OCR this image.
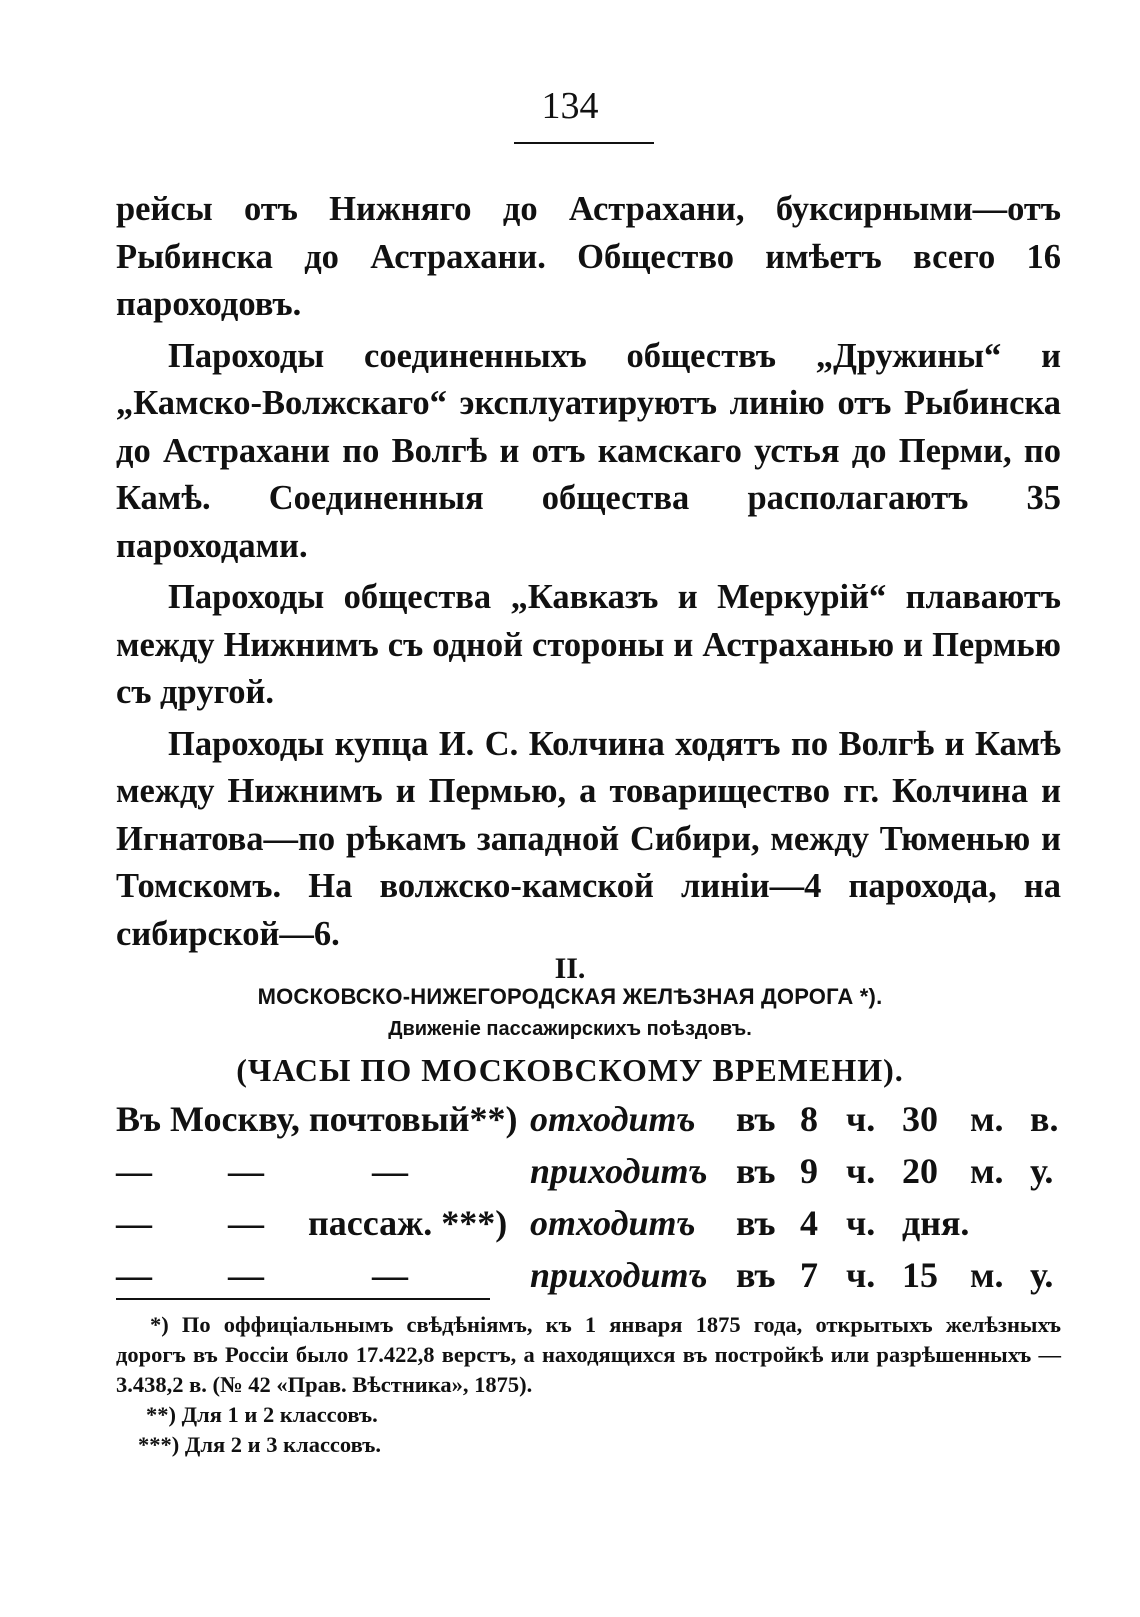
134

рейсы отъ Нижняго до Астрахани, буксирными—отъ Рыбинска до Астрахани. Общество имѣетъ всего 16 пароходовъ.

Пароходы соединенныхъ обществъ „Дружины“ и „Камско-Волжскаго“ эксплуатируютъ линію отъ Рыбинска до Астрахани по Волгѣ и отъ камскаго устья до Перми, по Камѣ. Соединенныя общества располагаютъ 35 пароходами.

Пароходы общества „Кавказъ и Меркурій“ плаваютъ между Нижнимъ съ одной стороны и Астраханью и Пермью съ другой.

Пароходы купца И. С. Колчина ходятъ по Волгѣ и Камѣ между Нижнимъ и Пермью, а товарищество гг. Колчина и Игнатова—по рѣкамъ западной Сибири, между Тюменью и Томскомъ. На волжско-камской линіи—4 парохода, на сибирской—6.

II.
МОСКОВСКО-НИЖЕГОРОДСКАЯ ЖЕЛѢЗНАЯ ДОРОГА *).
Движеніе пассажирскихъ поѣздовъ.
(ЧАСЫ ПО МОСКОВСКОМУ ВРЕМЕНИ).
Въ Москву, почтовый**) отходитъ въ 8 ч. 30 м. в.
— —	—	приходитъ въ 9 ч. 20 м. у.
— — пассаж. ***) отходитъ въ 4 ч. дня.
— —	—	приходитъ въ 7 ч. 15 м. у.

*) По оффиціальнымъ свѣдѣніямъ, къ 1 января 1875 года, открытыхъ желѣзныхъ дорогъ въ Россіи было 17.422,8 верстъ, а находящихся въ постройкѣ или разрѣшенныхъ — 3.438,2 в. (№ 42 «Прав. Вѣстника», 1875).

**) Для 1 и 2 классовъ.

***) Для 2 и 3 классовъ.
